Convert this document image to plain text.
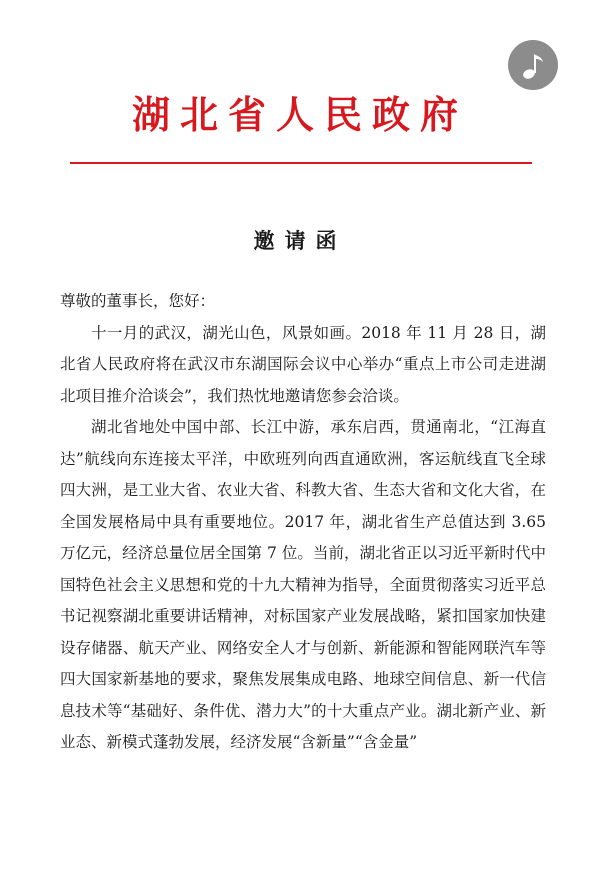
湖北省人民政府
邀请函

尊敬的董事长，您好：

十一月的武汉，湖光山色，风景如画。2018 年 11 月 28 日，湖北省人民政府将在武汉市东湖国际会议中心举办“重点上市公司走进湖北项目推介洽谈会”，我们热忱地邀请您参会洽谈。

湖北省地处中国中部、长江中游，承东启西，贯通南北，“江海直达”航线向东连接太平洋，中欧班列向西直通欧洲，客运航线直飞全球四大洲，是工业大省、农业大省、科教大省、生态大省和文化大省，在全国发展格局中具有重要地位。2017 年，湖北省生产总值达到 3.65 万亿元，经济总量位居全国第 7 位。当前，湖北省正以习近平新时代中国特色社会主义思想和党的十九大精神为指导，全面贯彻落实习近平总书记视察湖北重要讲话精神，对标国家产业发展战略，紧扣国家加快建设存储器、航天产业、网络安全人才与创新、新能源和智能网联汽车等四大国家新基地的要求，聚焦发展集成电路、地球空间信息、新一代信息技术等“基础好、条件优、潜力大”的十大重点产业。湖北新产业、新业态、新模式蓬勃发展，经济发展“含新量”“含金量”
